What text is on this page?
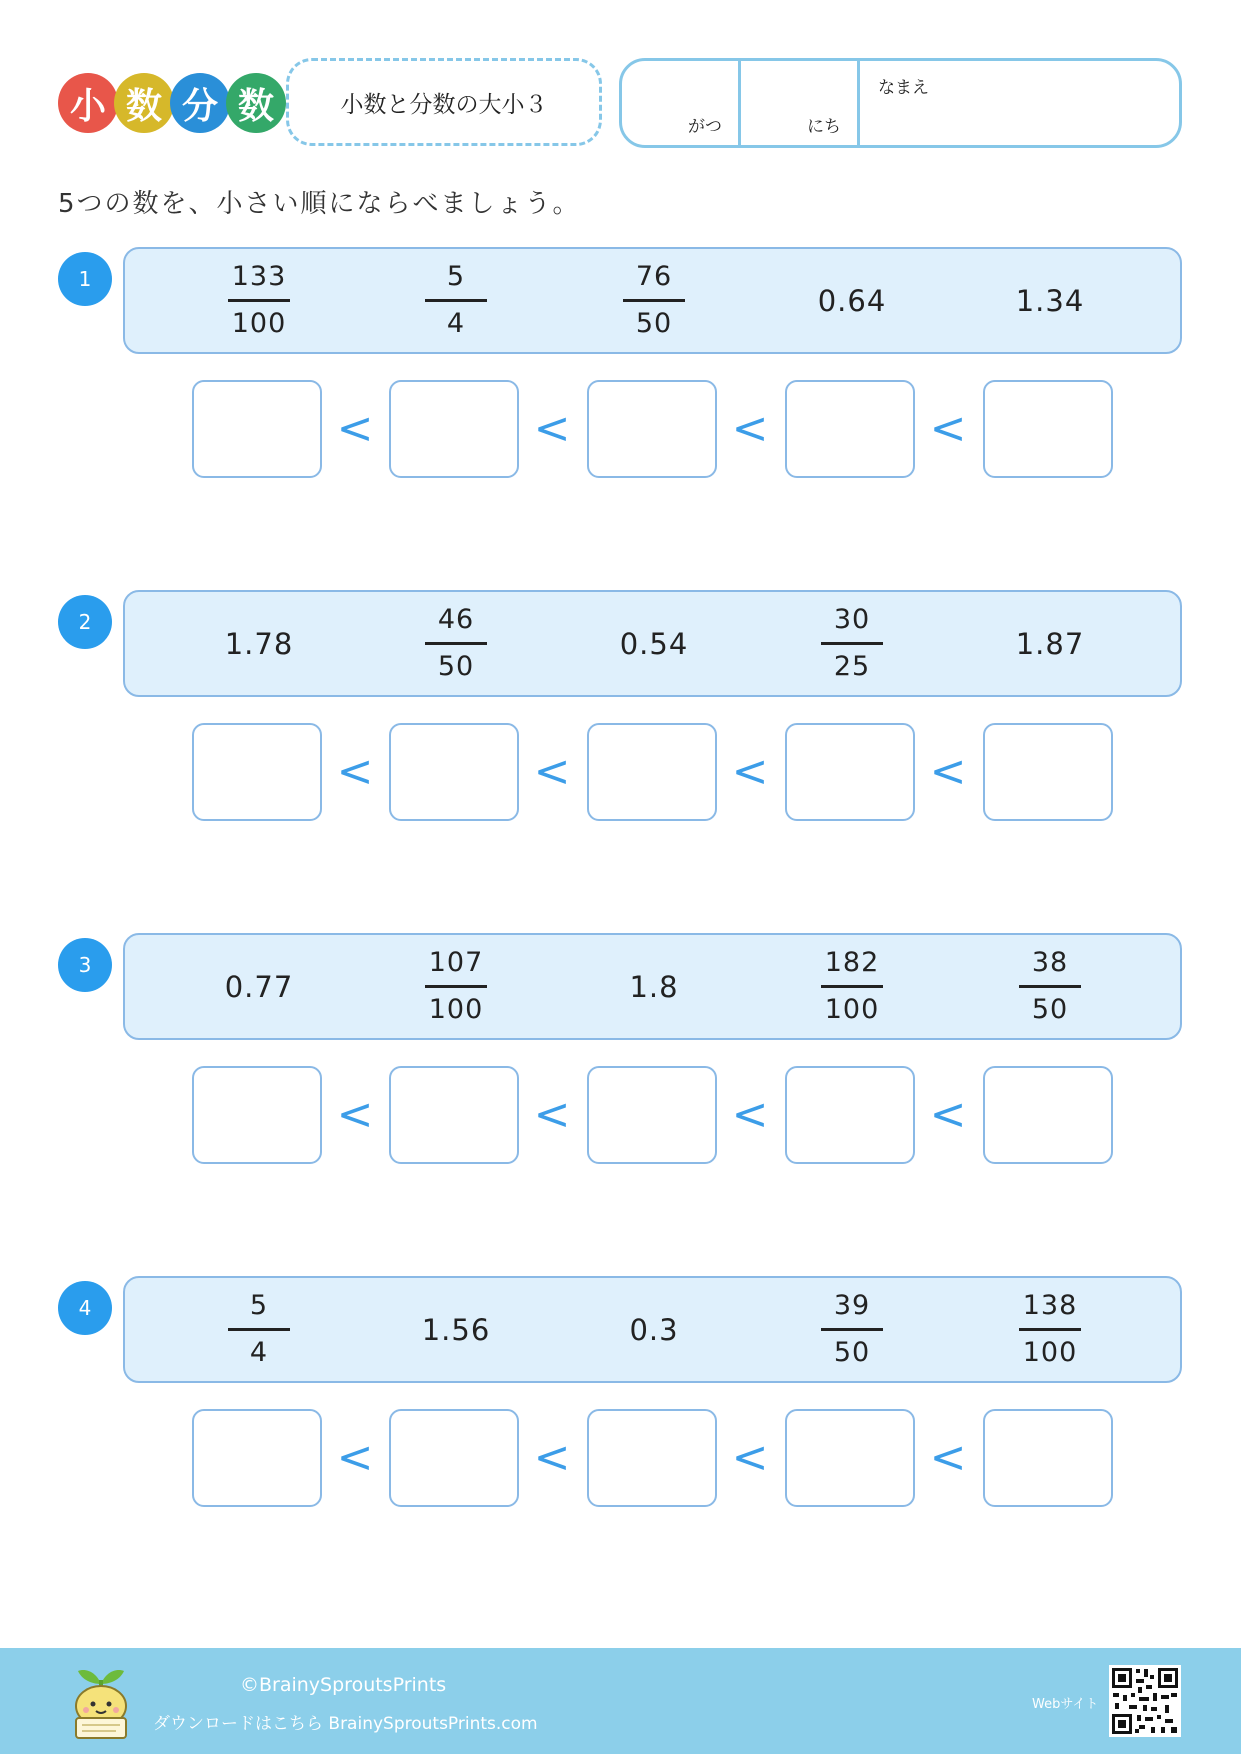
小 数 分 数	小数と分数の大小３
がつ	にち
なまえ
5つの数を、小さい順にならべましょう。
1	$\frac{133}{100}$	$\frac{5}{4}$	$\frac{76}{50}$	0.64	1.34
<	<	<	<
2
1.78	$\frac{46}{50}$	0.54	$\frac{30}{25}$	1.87
<	<	<	<
3
0.77	$\frac{107}{100}$	1.8	$\frac{182}{100}$	$\frac{38}{50}$
<	<	<	<
4	$\frac{5}{4}$	1.56	0.3	$\frac{39}{50}$	$\frac{138}{100}$
<	<	<	<
©BrainySproutsPrints
ダウンロードはこちら BrainySproutsPrints.com
Webサイト
